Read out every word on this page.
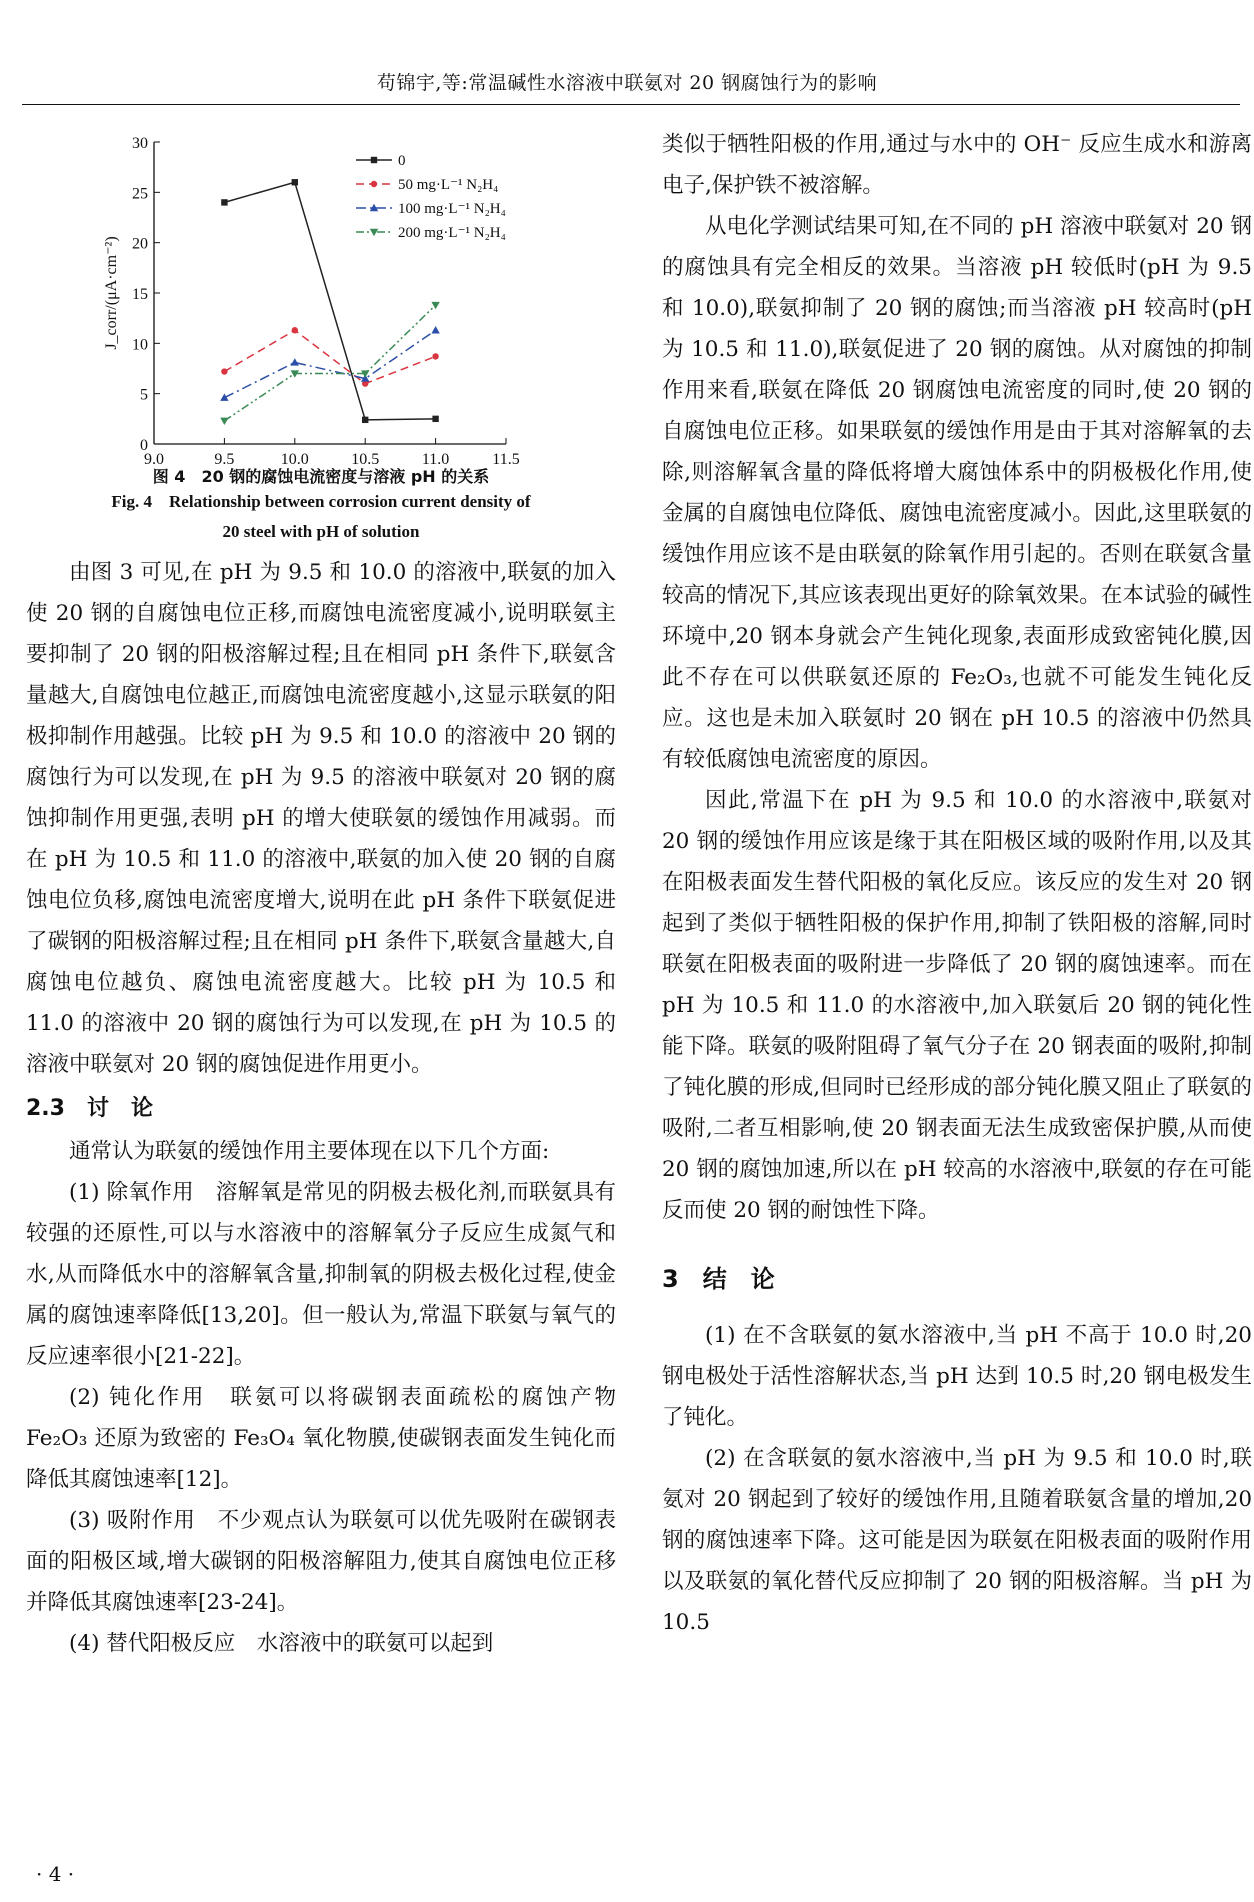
苟锦宇,等:常温碱性水溶液中联氨对 20 钢腐蚀行为的影响
0
5
10
15
20
25
30
9.0	9.5	10.0	10.5	11.0	11.5
J_corr/(μA·cm⁻²)
0
50 mg·L⁻¹ N₂H₄
100 mg·L⁻¹ N₂H₄
200 mg·L⁻¹ N₂H₄
图 4　20 钢的腐蚀电流密度与溶液 pH 的关系
Fig. 4　Relationship between corrosion current density of
20 steel with pH of solution

由图 3 可见,在 pH 为 9.5 和 10.0 的溶液中,联氨的加入使 20 钢的自腐蚀电位正移,而腐蚀电流密度减小,说明联氨主要抑制了 20 钢的阳极溶解过程;且在相同 pH 条件下,联氨含量越大,自腐蚀电位越正,而腐蚀电流密度越小,这显示联氨的阳极抑制作用越强。比较 pH 为 9.5 和 10.0 的溶液中 20 钢的腐蚀行为可以发现,在 pH 为 9.5 的溶液中联氨对 20 钢的腐蚀抑制作用更强,表明 pH 的增大使联氨的缓蚀作用减弱。而在 pH 为 10.5 和 11.0 的溶液中,联氨的加入使 20 钢的自腐蚀电位负移,腐蚀电流密度增大,说明在此 pH 条件下联氨促进了碳钢的阳极溶解过程;且在相同 pH 条件下,联氨含量越大,自腐蚀电位越负、腐蚀电流密度越大。比较 pH 为 10.5 和 11.0 的溶液中 20 钢的腐蚀行为可以发现,在 pH 为 10.5 的溶液中联氨对 20 钢的腐蚀促进作用更小。

2.3　讨　论

通常认为联氨的缓蚀作用主要体现在以下几个方面:

(1) 除氧作用　溶解氧是常见的阴极去极化剂,而联氨具有较强的还原性,可以与水溶液中的溶解氧分子反应生成氮气和水,从而降低水中的溶解氧含量,抑制氧的阴极去极化过程,使金属的腐蚀速率降低[13,20]。但一般认为,常温下联氨与氧气的反应速率很小[21-22]。

(2) 钝化作用　联氨可以将碳钢表面疏松的腐蚀产物 Fe₂O₃ 还原为致密的 Fe₃O₄ 氧化物膜,使碳钢表面发生钝化而降低其腐蚀速率[12]。

(3) 吸附作用　不少观点认为联氨可以优先吸附在碳钢表面的阳极区域,增大碳钢的阳极溶解阻力,使其自腐蚀电位正移并降低其腐蚀速率[23-24]。

(4) 替代阳极反应　水溶液中的联氨可以起到

类似于牺牲阳极的作用,通过与水中的 OH⁻ 反应生成水和游离电子,保护铁不被溶解。

从电化学测试结果可知,在不同的 pH 溶液中联氨对 20 钢的腐蚀具有完全相反的效果。当溶液 pH 较低时(pH 为 9.5 和 10.0),联氨抑制了 20 钢的腐蚀;而当溶液 pH 较高时(pH 为 10.5 和 11.0),联氨促进了 20 钢的腐蚀。从对腐蚀的抑制作用来看,联氨在降低 20 钢腐蚀电流密度的同时,使 20 钢的自腐蚀电位正移。如果联氨的缓蚀作用是由于其对溶解氧的去除,则溶解氧含量的降低将增大腐蚀体系中的阴极极化作用,使金属的自腐蚀电位降低、腐蚀电流密度减小。因此,这里联氨的缓蚀作用应该不是由联氨的除氧作用引起的。否则在联氨含量较高的情况下,其应该表现出更好的除氧效果。在本试验的碱性环境中,20 钢本身就会产生钝化现象,表面形成致密钝化膜,因此不存在可以供联氨还原的 Fe₂O₃,也就不可能发生钝化反应。这也是未加入联氨时 20 钢在 pH 10.5 的溶液中仍然具有较低腐蚀电流密度的原因。

因此,常温下在 pH 为 9.5 和 10.0 的水溶液中,联氨对 20 钢的缓蚀作用应该是缘于其在阳极区域的吸附作用,以及其在阳极表面发生替代阳极的氧化反应。该反应的发生对 20 钢起到了类似于牺牲阳极的保护作用,抑制了铁阳极的溶解,同时联氨在阳极表面的吸附进一步降低了 20 钢的腐蚀速率。而在 pH 为 10.5 和 11.0 的水溶液中,加入联氨后 20 钢的钝化性能下降。联氨的吸附阻碍了氧气分子在 20 钢表面的吸附,抑制了钝化膜的形成,但同时已经形成的部分钝化膜又阻止了联氨的吸附,二者互相影响,使 20 钢表面无法生成致密保护膜,从而使 20 钢的腐蚀加速,所以在 pH 较高的水溶液中,联氨的存在可能反而使 20 钢的耐蚀性下降。

3　结　论

(1) 在不含联氨的氨水溶液中,当 pH 不高于 10.0 时,20 钢电极处于活性溶解状态,当 pH 达到 10.5 时,20 钢电极发生了钝化。

(2) 在含联氨的氨水溶液中,当 pH 为 9.5 和 10.0 时,联氨对 20 钢起到了较好的缓蚀作用,且随着联氨含量的增加,20 钢的腐蚀速率下降。这可能是因为联氨在阳极表面的吸附作用以及联氨的氧化替代反应抑制了 20 钢的阳极溶解。当 pH 为 10.5

· 4 ·
